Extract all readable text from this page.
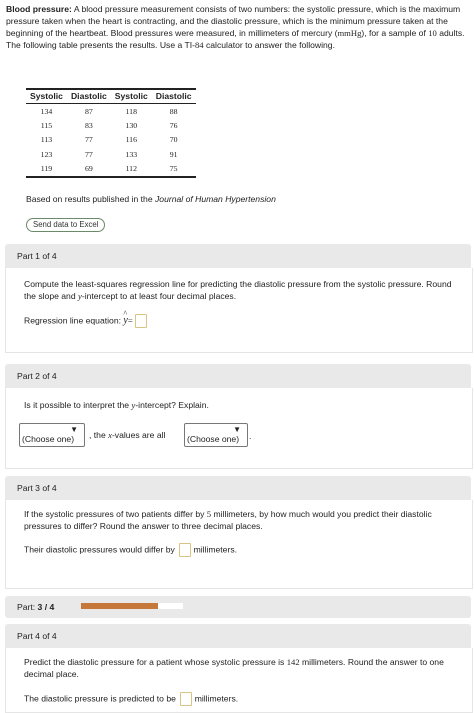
Blood pressure: A blood pressure measurement consists of two numbers: the systolic pressure, which is the maximum pressure taken when the heart is contracting, and the diastolic pressure, which is the minimum pressure taken at the beginning of the heartbeat. Blood pressures were measured, in millimeters of mercury (mmHg), for a sample of 10 adults. The following table presents the results. Use a TI-84 calculator to answer the following.
Systolic	Diastolic	Systolic	Diastolic
134	87	118	88
115	83	130	76
113	77	116	70
123	77	133	91
119	69	112	75
Based on results published in the Journal of Human Hypertension
Send data to Excel
Part 1 of 4
Compute the least-squares regression line for predicting the diastolic pressure from the systolic pressure. Round the slope and y-intercept to at least four decimal places.
Regression line equation: ^ y=
Part 2 of 4
Is it possible to interpret the y-intercept? Explain.
▼
(Choose one) , the x-values are all
▼
(Choose one) .
Part 3 of 4
If the systolic pressures of two patients differ by 5 millimeters, by how much would you predict their diastolic pressures to differ? Round the answer to three decimal places.
Their diastolic pressures would differ by millimeters.
Part: 3 / 4
Part 4 of 4
Predict the diastolic pressure for a patient whose systolic pressure is 142 millimeters. Round the answer to one decimal place.
The diastolic pressure is predicted to be millimeters.
